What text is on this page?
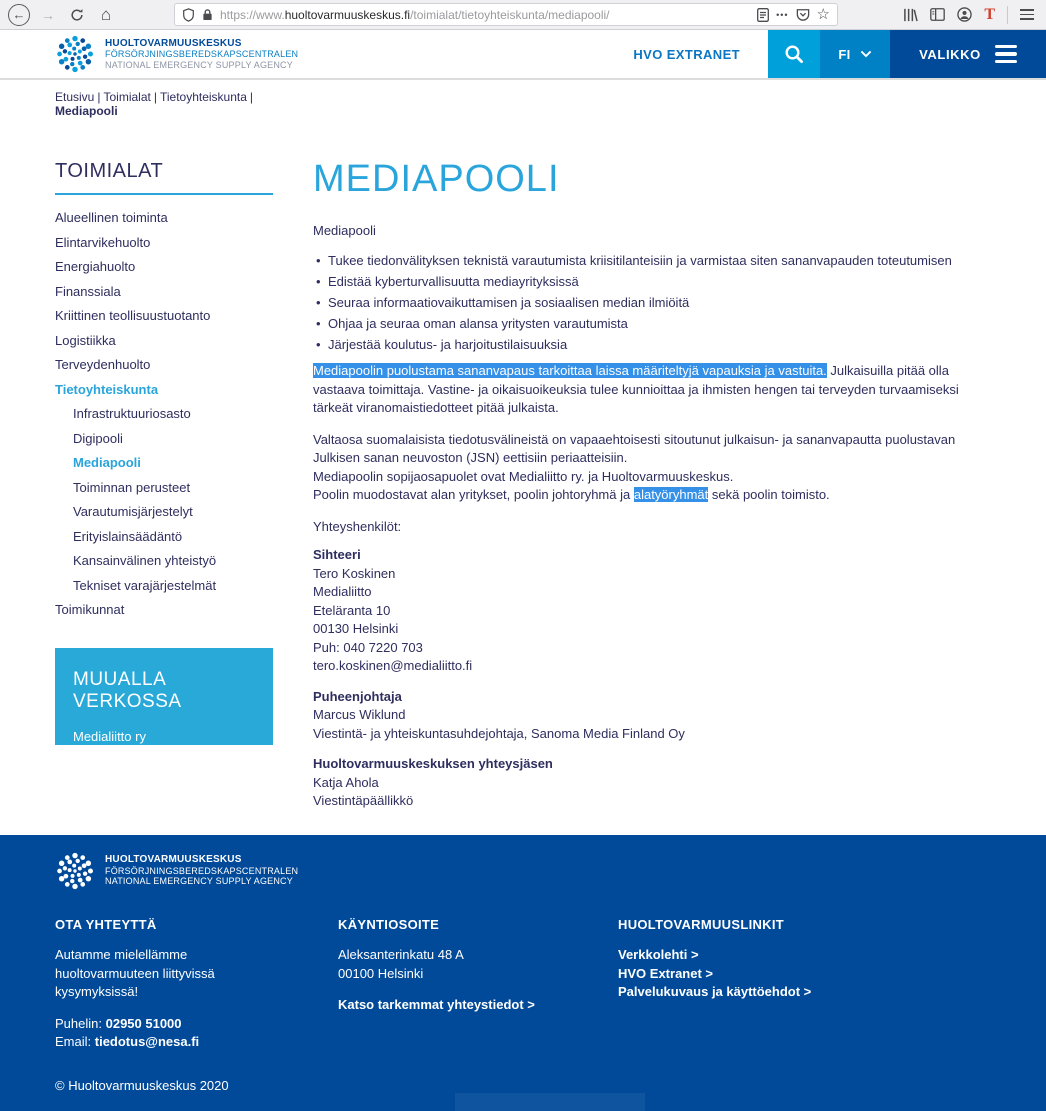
←	→	⌂	https://www.huoltovarmuuskeskus.fi/toimialat/tietoyhteiskunta/mediapooli/	••• ☆	T
HUOLTOVARMUUSKESKUS
FÖRSÖRJNINGSBEREDSKAPSCENTRALEN
NATIONAL EMERGENCY SUPPLY AGENCY
HVO EXTRANET	FI	VALIKKO
Etusivu | Toimialat | Tietoyhteiskunta |
Mediapooli
TOIMIALAT
Alueellinen toiminta
Elintarvikehuolto
Energiahuolto
Finanssiala
Kriittinen teollisuustuotanto
Logistiikka
Terveydenhuolto
Tietoyhteiskunta
Infrastruktuuriosasto
Digipooli
Mediapooli
Toiminnan perusteet
Varautumisjärjestelyt
Erityislainsäädäntö
Kansainvälinen yhteistyö
Tekniset varajärjestelmät
Toimikunnat
MUUALLA VERKOSSA
Medialiitto ry
MEDIAPOOLI

Mediapooli

• Tukee tiedonvälityksen teknistä varautumista kriisitilanteisiin ja varmistaa siten sananvapauden toteutumisen
• Edistää kyberturvallisuutta mediayrityksissä
• Seuraa informaatiovaikuttamisen ja sosiaalisen median ilmiöitä
• Ohjaa ja seuraa oman alansa yritysten varautumista
• Järjestää koulutus- ja harjoitustilaisuuksia

Mediapoolin puolustama sananvapaus tarkoittaa laissa määriteltyjä vapauksia ja vastuita. Julkaisuilla pitää olla vastaava toimittaja. Vastine- ja oikaisuoikeuksia tulee kunnioittaa ja ihmisten hengen tai terveyden turvaamiseksi tärkeät viranomaistiedotteet pitää julkaista.

Valtaosa suomalaisista tiedotusvälineistä on vapaaehtoisesti sitoutunut julkaisun- ja sananvapautta puolustavan Julkisen sanan neuvoston (JSN) eettisiin periaatteisiin.
Mediapoolin sopijaosapuolet ovat Medialiitto ry. ja Huoltovarmuuskeskus.
Poolin muodostavat alan yritykset, poolin johtoryhmä ja alatyöryhmät sekä poolin toimisto.

Yhteyshenkilöt:

Sihteeri
Tero Koskinen
Medialiitto
Eteläranta 10
00130 Helsinki
Puh: 040 7220 703
tero.koskinen@medialiitto.fi
Puheenjohtaja
Marcus Wiklund
Viestintä- ja yhteiskuntasuhdejohtaja, Sanoma Media Finland Oy
Huoltovarmuuskeskuksen yhteysjäsen
Katja Ahola
Viestintäpäällikkö
HUOLTOVARMUUSKESKUS
FÖRSÖRJNINGSBEREDSKAPSCENTRALEN
NATIONAL EMERGENCY SUPPLY AGENCY
OTA YHTEYTTÄ
Autamme mielellämme huoltovarmuuteen liittyvissä kysymyksissä!
Puhelin: 02950 51000
Email: tiedotus@nesa.fi
KÄYNTIOSOITE
Aleksanterinkatu 48 A
00100 Helsinki
Katso tarkemmat yhteystiedot >
HUOLTOVARMUUSLINKIT
Verkkolehti >
HVO Extranet >
Palvelukuvaus ja käyttöehdot >
© Huoltovarmuuskeskus 2020
